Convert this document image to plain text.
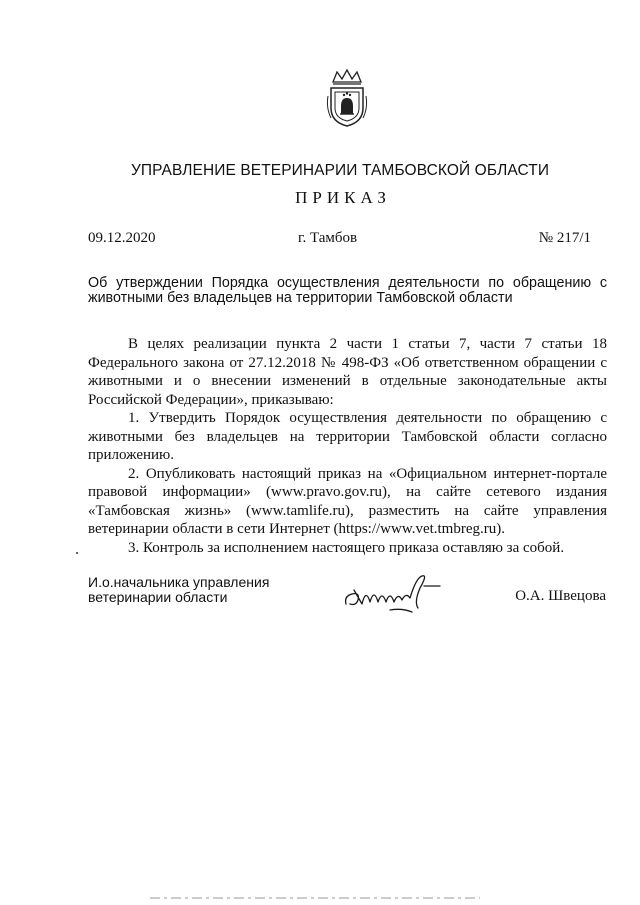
УПРАВЛЕНИЕ ВЕТЕРИНАРИИ ТАМБОВСКОЙ ОБЛАСТИ
ПРИКАЗ
09.12.2020	г. Тамбов	№ 217/1
Об утверждении Порядка осуществления деятельности по обращению с животными без владельцев на территории Тамбовской области

В целях реализации пункта 2 части 1 статьи 7, части 7 статьи 18 Федерального закона от 27.12.2018 № 498-ФЗ «Об ответственном обращении с животными и о внесении изменений в отдельные законодательные акты Российской Федерации», приказываю:

1. Утвердить Порядок осуществления деятельности по обращению с животными без владельцев на территории Тамбовской области согласно приложению.

2. Опубликовать настоящий приказ на «Официальном интернет-портале правовой информации» (www.pravo.gov.ru), на сайте сетевого издания «Тамбовская жизнь» (www.tamlife.ru), разместить на сайте управления ветеринарии области в сети Интернет (https://www.vet.tmbreg.ru).

3. Контроль за исполнением настоящего приказа оставляю за собой.

И.о.начальника управления
ветеринарии области	О.А. Швецова
